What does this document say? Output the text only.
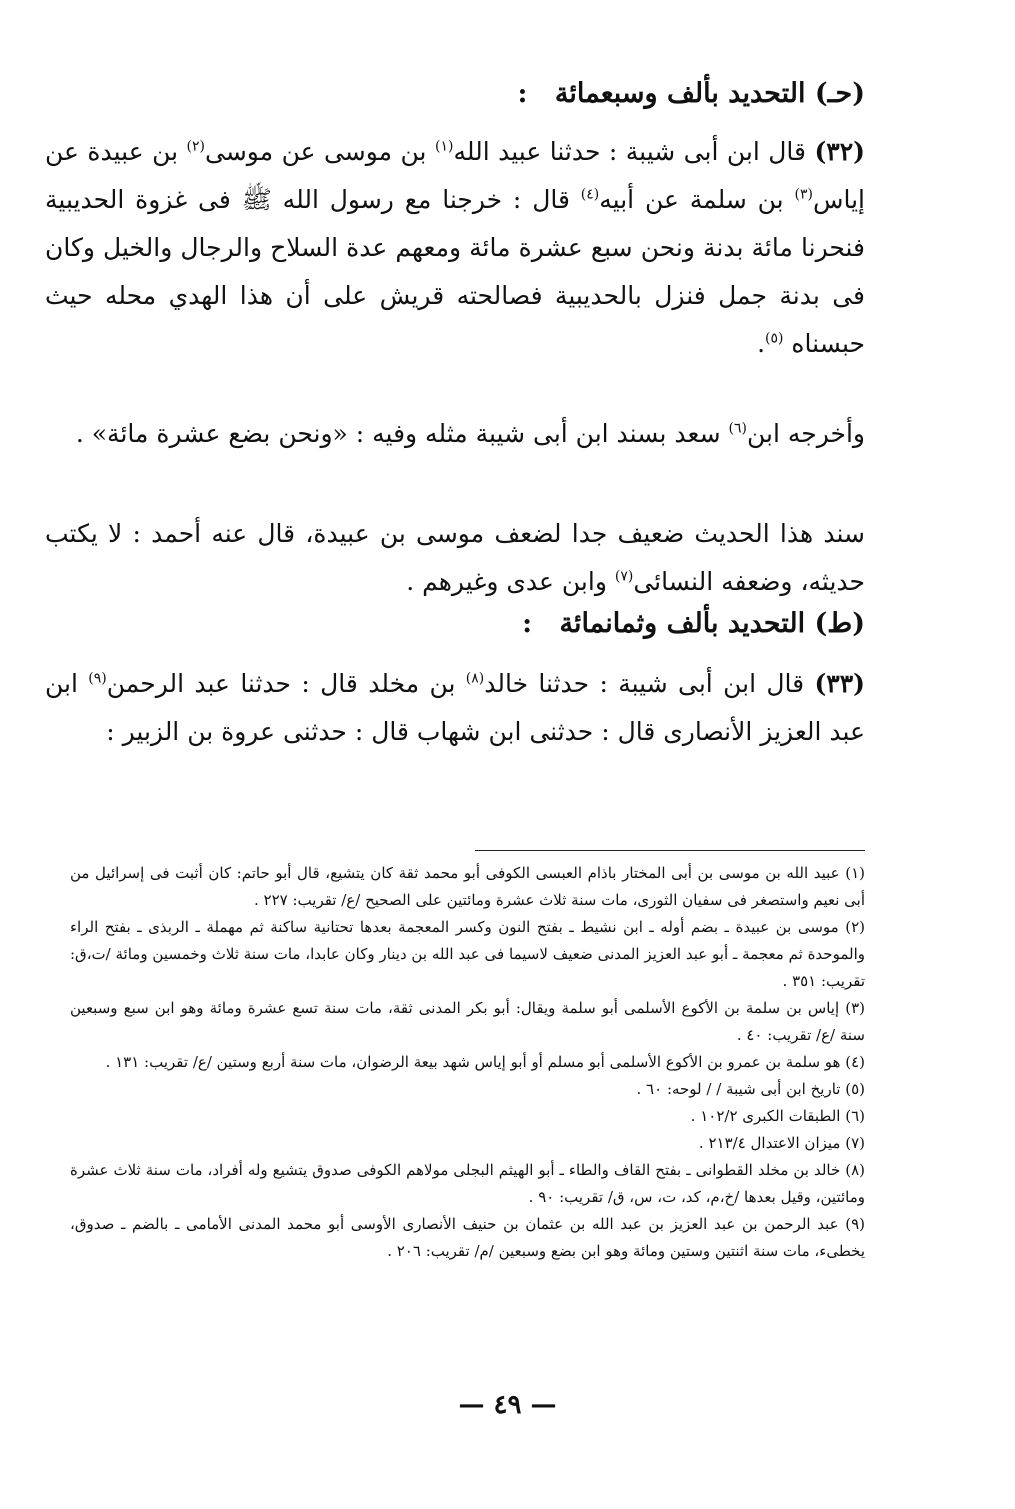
(حـ) التحديد بألف وسبعمائة :

(٣٢) قال ابن أبى شيبة : حدثنا عبيد الله$^{(١)}$ بن موسى عن موسى$^{(٢)}$ بن عبيدة عن إياس$^{(٣)}$ بن سلمة عن أبيه$^{(٤)}$ قال : خرجنا مع رسول الله ﷺ فى غزوة الحديبية فنحرنا مائة بدنة ونحن سبع عشرة مائة ومعهم عدة السلاح والرجال والخيل وكان فى بدنة جمل فنزل بالحديبية فصالحته قريش على أن هذا الهدي محله حيث حبسناه $^{(٥)}$.

وأخرجه ابن$^{(٦)}$ سعد بسند ابن أبى شيبة مثله وفيه : «ونحن بضع عشرة مائة» .

سند هذا الحديث ضعيف جدا لضعف موسى بن عبيدة، قال عنه أحمد : لا يكتب حديثه، وضعفه النسائى$^{(٧)}$ وابن عدى وغيرهم .

(ط) التحديد بألف وثمانمائة :

(٣٣) قال ابن أبى شيبة : حدثنا خالد$^{(٨)}$ بن مخلد قال : حدثنا عبد الرحمن$^{(٩)}$ ابن عبد العزيز الأنصارى قال : حدثنى ابن شهاب قال : حدثنى عروة بن الزبير :

(١) عبيد الله بن موسى بن أبى المختار باذام العبسى الكوفى أبو محمد ثقة كان يتشيع، قال أبو حاتم: كان أثبت فى إسرائيل من أبى نعيم واستصغر فى سفيان الثورى، مات سنة ثلاث عشرة ومائتين على الصحيح /ع/ تقريب: ٢٢٧ .

(٢) موسى بن عبيدة ـ بضم أوله ـ ابن نشيط ـ بفتح النون وكسر المعجمة بعدها تحتانية ساكنة ثم مهملة ـ الربذى ـ بفتح الراء والموحدة ثم معجمة ـ أبو عبد العزيز المدنى ضعيف لاسيما فى عبد الله بن دينار وكان عابدا، مات سنة ثلاث وخمسين ومائة /ت،ق: تقريب: ٣٥١ .

(٣) إياس بن سلمة بن الأكوع الأسلمى أبو سلمة ويقال: أبو بكر المدنى ثقة، مات سنة تسع عشرة ومائة وهو ابن سبع وسبعين سنة /ع/ تقريب: ٤٠ .

(٤) هو سلمة بن عمرو بن الأكوع الأسلمى أبو مسلم أو أبو إياس شهد بيعة الرضوان، مات سنة أربع وستين /ع/ تقريب: ١٣١ .

(٥) تاريخ ابن أبى شيبة / / لوحه: ٦٠ .

(٦) الطبقات الكبرى ١٠٢/٢ .

(٧) ميزان الاعتدال ٢١٣/٤ .

(٨) خالد بن مخلد القطوانى ـ بفتح القاف والطاء ـ أبو الهيثم البجلى مولاهم الكوفى صدوق يتشيع وله أفراد، مات سنة ثلاث عشرة ومائتين، وقيل بعدها /خ،م، كد، ت، س، ق/ تقريب: ٩٠ .

(٩) عبد الرحمن بن عبد العزيز بن عبد الله بن عثمان بن حنيف الأنصارى الأوسى أبو محمد المدنى الأمامى ـ بالضم ـ صدوق، يخطىء، مات سنة اثنتين وستين ومائة وهو ابن بضع وسبعين /م/ تقريب: ٢٠٦ .

— ٤٩ —
